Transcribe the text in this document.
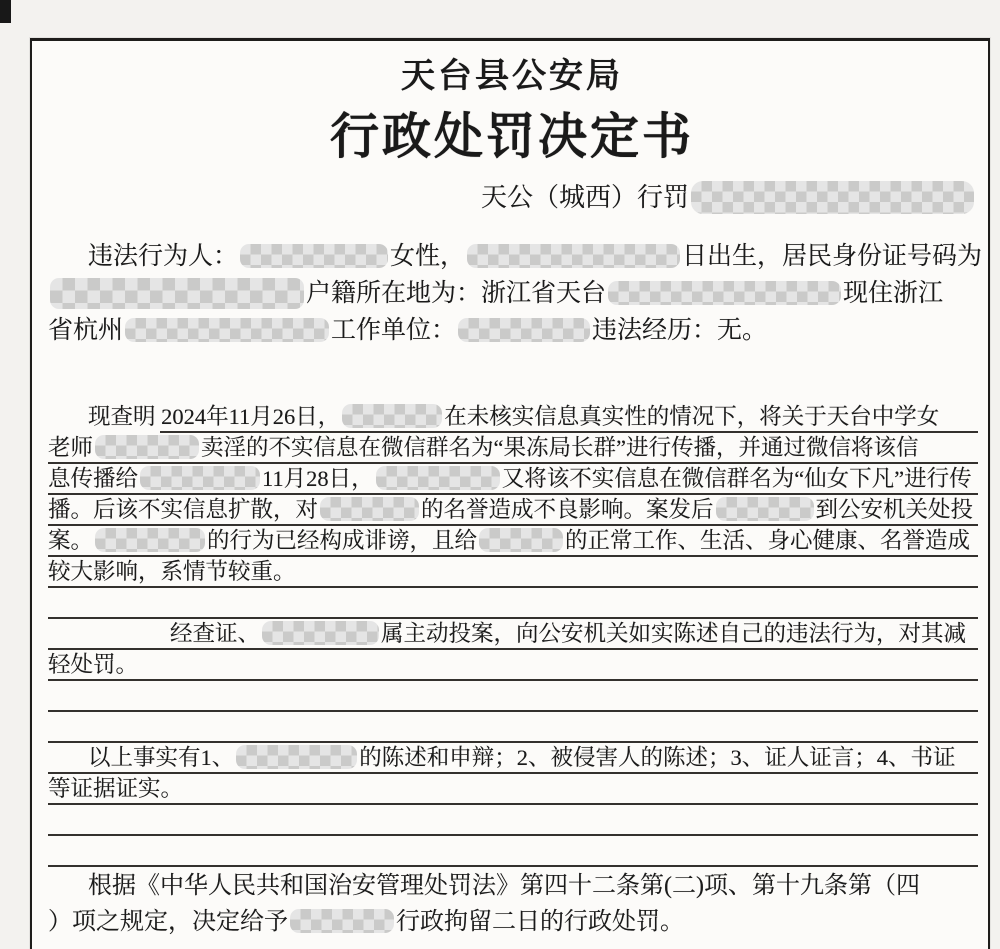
天台县公安局
行政处罚决定书
天公（城西）行罚
违法行为人：	女性，	日出生，居民身份证号码为
户籍所在地为：浙江省天台	现住浙江
省杭州	工作单位：	违法经历：无。
现查明 2024年11月26日，	在未核实信息真实性的情况下，将关于天台中学女
老师	卖淫的不实信息在微信群名为“果冻局长群”进行传播，并通过微信将该信
息传播给	11月28日，	又将该不实信息在微信群名为“仙女下凡”进行传
播。后该不实信息扩散，对	的名誉造成不良影响。案发后	到公安机关处投
案。	的行为已经构成诽谤，且给	的正常工作、生活、身心健康、名誉造成
较大影响，系情节较重。
经查证、	属主动投案，向公安机关如实陈述自己的违法行为，对其减
轻处罚。
以上事实有1、	的陈述和申辩；2、被侵害人的陈述；3、证人证言；4、书证
等证据证实。
根据《中华人民共和国治安管理处罚法》第四十二条第(二)项、第十九条第（四
）项之规定，决定给予	行政拘留二日的行政处罚。
